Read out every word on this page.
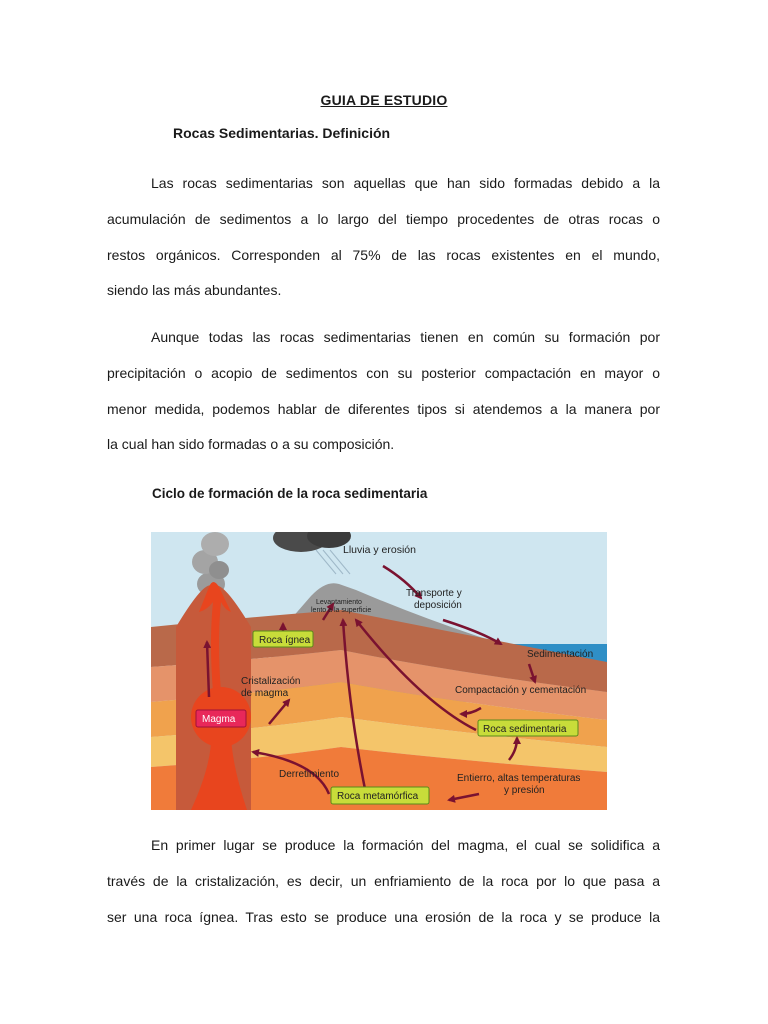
GUIA DE ESTUDIO
Rocas Sedimentarias. Definición
Las rocas sedimentarias son aquellas que han sido formadas debido a la
acumulación de sedimentos a lo largo del tiempo procedentes de otras rocas o
restos orgánicos. Corresponden al 75% de las rocas existentes en el mundo,
siendo las más abundantes.
Aunque todas las rocas sedimentarias tienen en común su formación por
precipitación o acopio de sedimentos con su posterior compactación en mayor o
menor medida, podemos hablar de diferentes tipos si atendemos a la manera por
la cual han sido formadas o a su composición.
Ciclo de formación de la roca sedimentaria
Lluvia y erosión
Transporte y
deposición
Levantamiento
lento a la superficie
Roca ígnea
Sedimentación
Cristalización
de magma	Compactación y cementación
Magma
Roca sedimentaria
Derretimiento	Entierro, altas temperaturas
y presión
Roca metamórfica
En primer lugar se produce la formación del magma, el cual se solidifica a
través de la cristalización, es decir, un enfriamiento de la roca por lo que pasa a
ser una roca ígnea. Tras esto se produce una erosión de la roca y se produce la
